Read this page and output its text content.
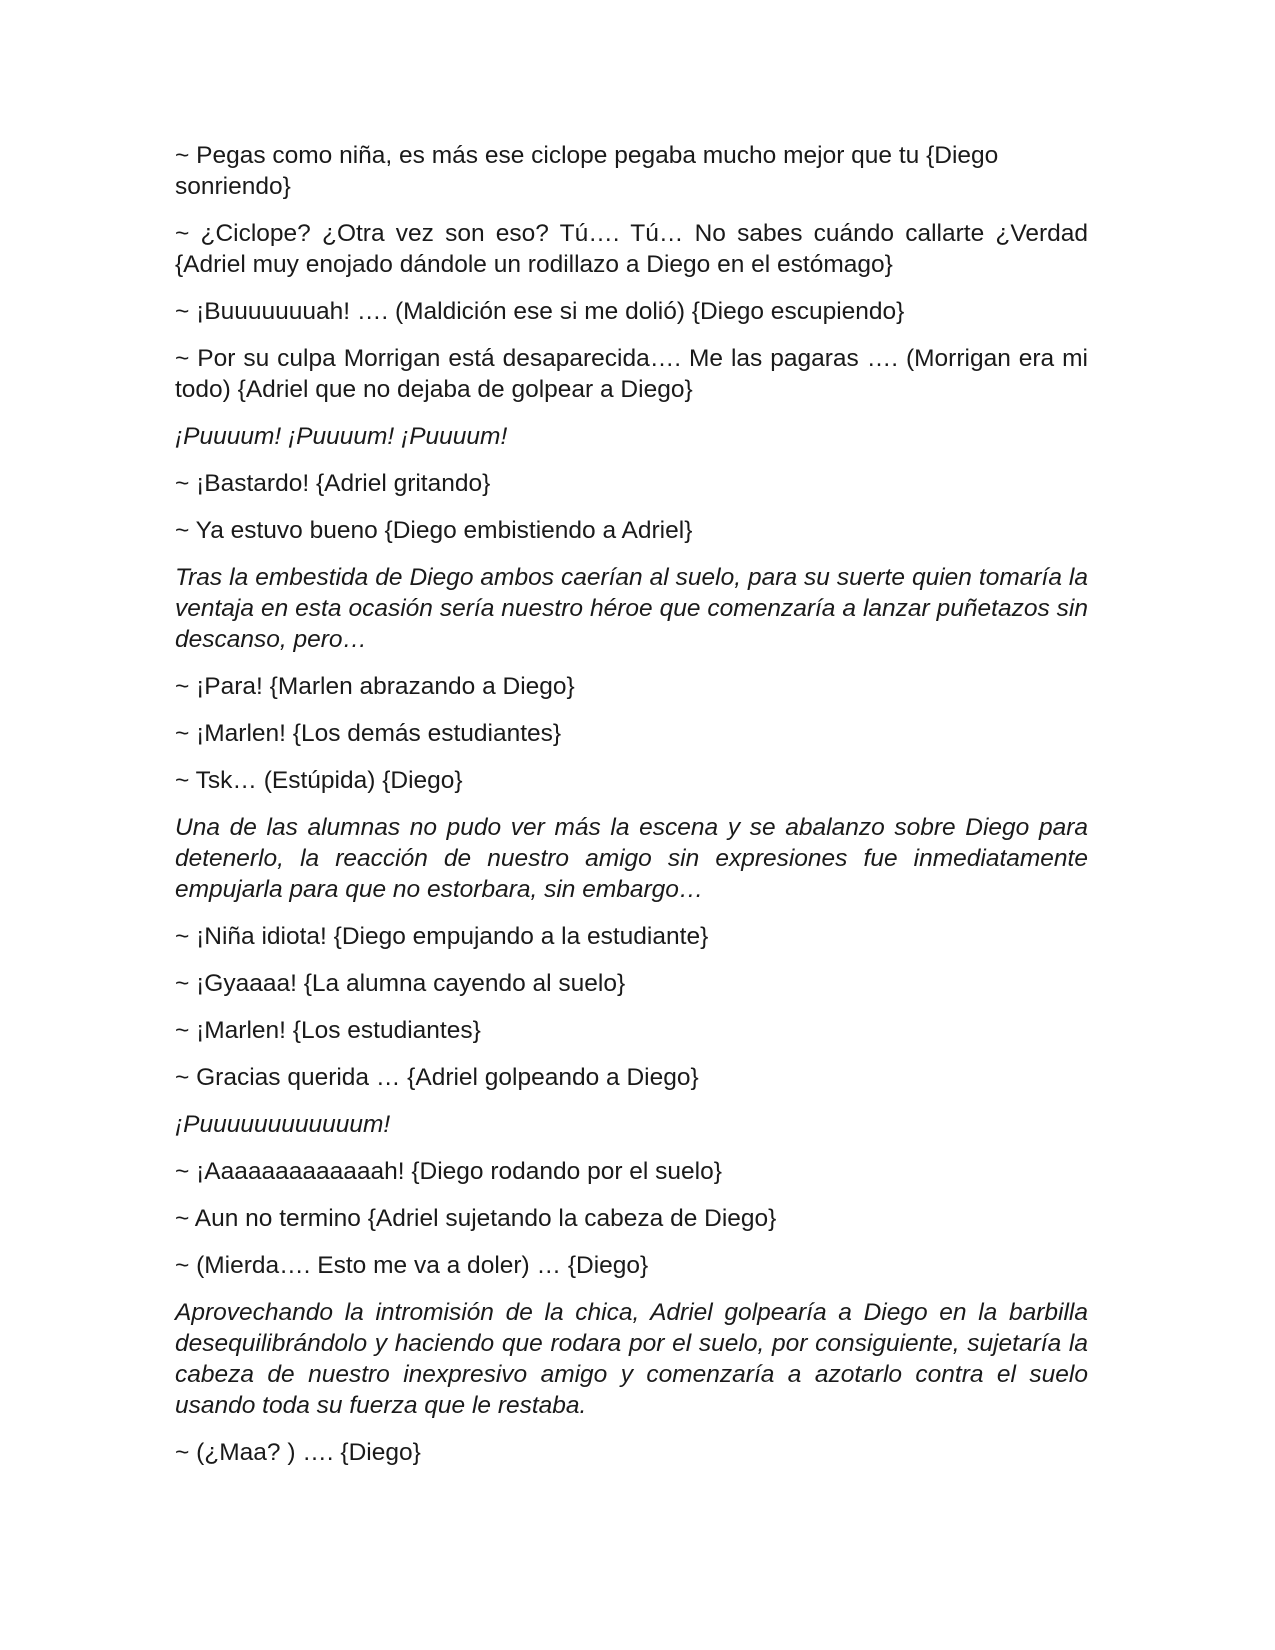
~ Pegas como niña, es más ese ciclope pegaba mucho mejor que tu {Diego sonriendo}

~ ¿Ciclope? ¿Otra vez son eso? Tú…. Tú… No sabes cuándo callarte ¿Verdad {Adriel muy enojado dándole un rodillazo a Diego en el estómago}

~ ¡Buuuuuuuah! …. (Maldición ese si me dolió) {Diego escupiendo}

~ Por su culpa Morrigan está desaparecida…. Me las pagaras …. (Morrigan era mi todo) {Adriel que no dejaba de golpear a Diego}

¡Puuuum! ¡Puuuum! ¡Puuuum!

~ ¡Bastardo! {Adriel gritando}

~ Ya estuvo bueno {Diego embistiendo a Adriel}

Tras la embestida de Diego ambos caerían al suelo, para su suerte quien tomaría la ventaja en esta ocasión sería nuestro héroe que comenzaría a lanzar puñetazos sin descanso, pero…

~ ¡Para! {Marlen abrazando a Diego}

~ ¡Marlen! {Los demás estudiantes}

~ Tsk… (Estúpida) {Diego}

Una de las alumnas no pudo ver más la escena y se abalanzo sobre Diego para detenerlo, la reacción de nuestro amigo sin expresiones fue inmediatamente empujarla para que no estorbara, sin embargo…

~ ¡Niña idiota! {Diego empujando a la estudiante}

~ ¡Gyaaaa! {La alumna cayendo al suelo}

~ ¡Marlen! {Los estudiantes}

~ Gracias querida … {Adriel golpeando a Diego}

¡Puuuuuuuuuuuum!

~ ¡Aaaaaaaaaaaaah! {Diego rodando por el suelo}

~ Aun no termino {Adriel sujetando la cabeza de Diego}

~ (Mierda…. Esto me va a doler) … {Diego}

Aprovechando la intromisión de la chica, Adriel golpearía a Diego en la barbilla desequilibrándolo y haciendo que rodara por el suelo, por consiguiente, sujetaría la cabeza de nuestro inexpresivo amigo y comenzaría a azotarlo contra el suelo usando toda su fuerza que le restaba.

~ (¿Maa? ) …. {Diego}
